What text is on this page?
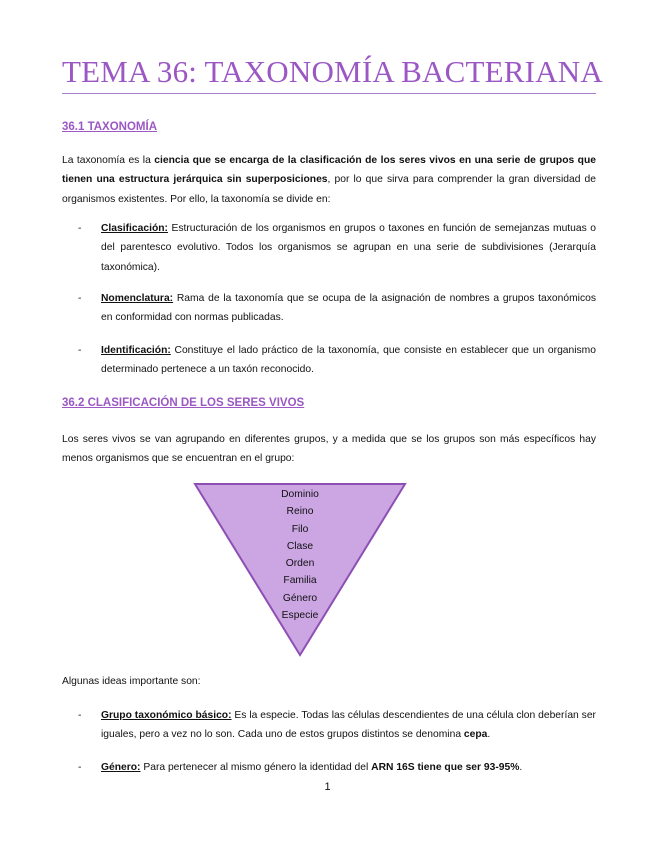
TEMA 36: TAXONOMÍA BACTERIANA
36.1 TAXONOMÍA
La taxonomía es la ciencia que se encarga de la clasificación de los seres vivos en una serie de grupos que tienen una estructura jerárquica sin superposiciones, por lo que sirva para comprender la gran diversidad de organismos existentes. Por ello, la taxonomía se divide en:
- Clasificación: Estructuración de los organismos en grupos o taxones en función de semejanzas mutuas o del parentesco evolutivo. Todos los organismos se agrupan en una serie de subdivisiones (Jerarquía taxonómica).
- Nomenclatura: Rama de la taxonomía que se ocupa de la asignación de nombres a grupos taxonómicos en conformidad con normas publicadas.
- Identificación: Constituye el lado práctico de la taxonomía, que consiste en establecer que un organismo determinado pertenece a un taxón reconocido.
36.2 CLASIFICACIÓN DE LOS SERES VIVOS
Los seres vivos se van agrupando en diferentes grupos, y a medida que se los grupos son más específicos hay menos organismos que se encuentran en el grupo:
Dominio
Reino
Filo
Clase
Orden
Familia
Género
Especie
Algunas ideas importante son:
- Grupo taxonómico básico: Es la especie. Todas las células descendientes de una célula clon deberían ser iguales, pero a vez no lo son. Cada uno de estos grupos distintos se denomina cepa.
- Género: Para pertenecer al mismo género la identidad del ARN 16S tiene que ser 93-95%.
1
